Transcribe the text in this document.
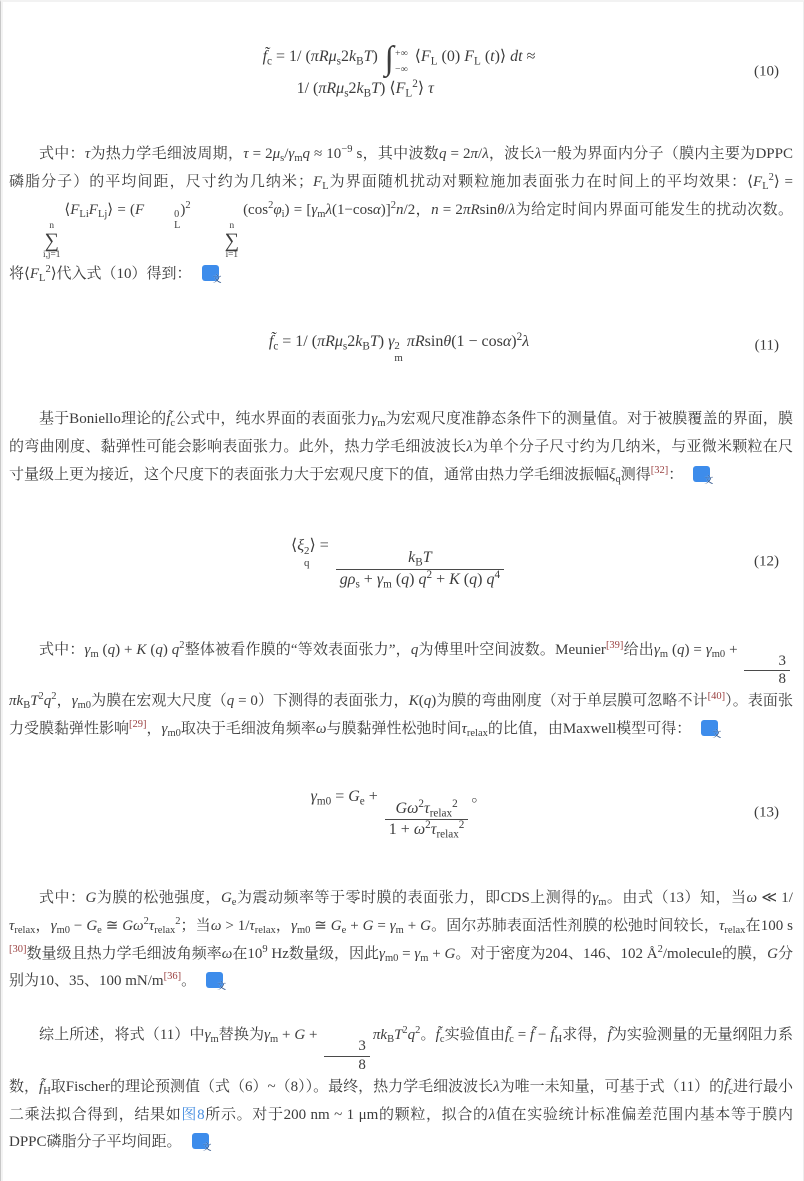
$f̃_c = 1/$ $(\pi R\mu_s2k_BT)$ ∫ +∞
−∞
$⟨F_L$ (0) $F_L$ (t)⟩ dt ≈
1/ $(\pi R\mu_s2k_BT)$ $⟨F_L^2⟩$ τ
(10)

式中：τ为热力学毛细波周期，$\tau = 2\mu_s/\gamma_mq \approx 10^{-9}$ s，其中波数q = 2π/λ，波长λ一般为界面内分子（膜内主要为DPPC磷脂分子）的平均间距，尺寸约为几纳米；$F_L$为界面随机扰动对颗粒施加表面张力在时间上的平均效果：$⟨F_L^2⟩$ =
n
∑
i,j=1
$⟨F_{Li}F_{Lj}⟩ = (F$	0
L
)$^2$
n
∑
i=1
$(\cos^2\varphi_i) = [\gamma_m\lambda(1-\cos\alpha)]^2n/2$，n = 2πRsinθ/λ为给定时间内界面可能发生的扰动次数。将$⟨F_L^2⟩$代入式（10）得到：	A
文

$f̃_c = 1/$ $(\pi R\mu_s2k_BT)$ γ 2
m
$\pi Rsin\theta(1 - \cos\alpha)^2\lambda$	(11)

基于Boniello理论的$f̃_c$公式中，纯水界面的表面张力$\gamma_m$为宏观尺度准静态条件下的测量值。对于被膜覆盖的界面，膜的弯曲刚度、黏弹性可能会影响表面张力。此外，热力学毛细波波长λ为单个分子尺寸约为几纳米，与亚微米颗粒在尺寸量级上更为接近，这个尺度下的表面张力大于宏观尺度下的值，通常由热力学毛细波振幅$\xi_q$测得[32]：	A
文

⟨ξ 2
q
⟩ =
$k_BT$
$g\rho_s + \gamma_m$ (q) $q^2 + K$ (q) $q^4$
(12)

式中：$\gamma_m$ (q) + K (q) $q^2$整体被看作膜的“等效表面张力”，q为傅里叶空间波数。Meunier[39]给出$\gamma_m$ $(q) = \gamma_{m0}$ +
$\frac{3}{8}$
$\pi k_BT^2q^2$，$\gamma_{m0}$为膜在宏观大尺度（q = 0）下测得的表面张力，K(q)为膜的弯曲刚度（对于单层膜可忽略不计[40]）。表面张力受膜黏弹性影响[29]，$\gamma_{m0}$取决于毛细波角频率ω与膜黏弹性松弛时间$\tau_{relax}$的比值，由Maxwell模型可得：	A
文

$\gamma_{m0} = G_e$ +
$G\omega^2\tau_{relax}^2$
$1 + \omega^2\tau_{relax}^2$
。
(13)

式中：G为膜的松弛强度，$G_e$为震动频率等于零时膜的表面张力，即CDS上测得的$\gamma_m$。由式（13）知，当ω ≪ $1/\tau_{relax}$，$\gamma_{m0} - G_e$ ≅ $G\omega^2\tau_{relax}^2$；当$\omega > 1/\tau_{relax}$，$\gamma_{m0}$ ≅ $G_e + G = \gamma_m + G$。固尔苏肺表面活性剂膜的松弛时间较长，$\tau_{relax}$在100 s [30]数量级且热力学毛细波角频率ω在$10^9$ Hz数量级，因此$\gamma_{m0} = \gamma_m + G$。对于密度为204、146、102 $Å^2$/molecule的膜，G分别为10、35、100 mN/m[36]。	A
文

综上所述，将式（11）中$\gamma_m$替换为$\gamma_m + G$ +
$\frac{3}{8}$
$\pi k_BT^2q^2$。$f̃_c$实验值由$f̃_c$ = f̃ − $f̃_H$求得，f̃为实验测量的无量纲阻力系数，$f̃_H$取Fischer的理论预测值（式（6）~（8））。最终，热力学毛细波波长λ为唯一未知量，可基于式（11）的$f̃_c$进行最小二乘法拟合得到，结果如图8所示。对于200 nm ~ 1 μm的颗粒，拟合的λ值在实验统计标准偏差范围内基本等于膜内DPPC磷脂分子平均间距。	A
文
